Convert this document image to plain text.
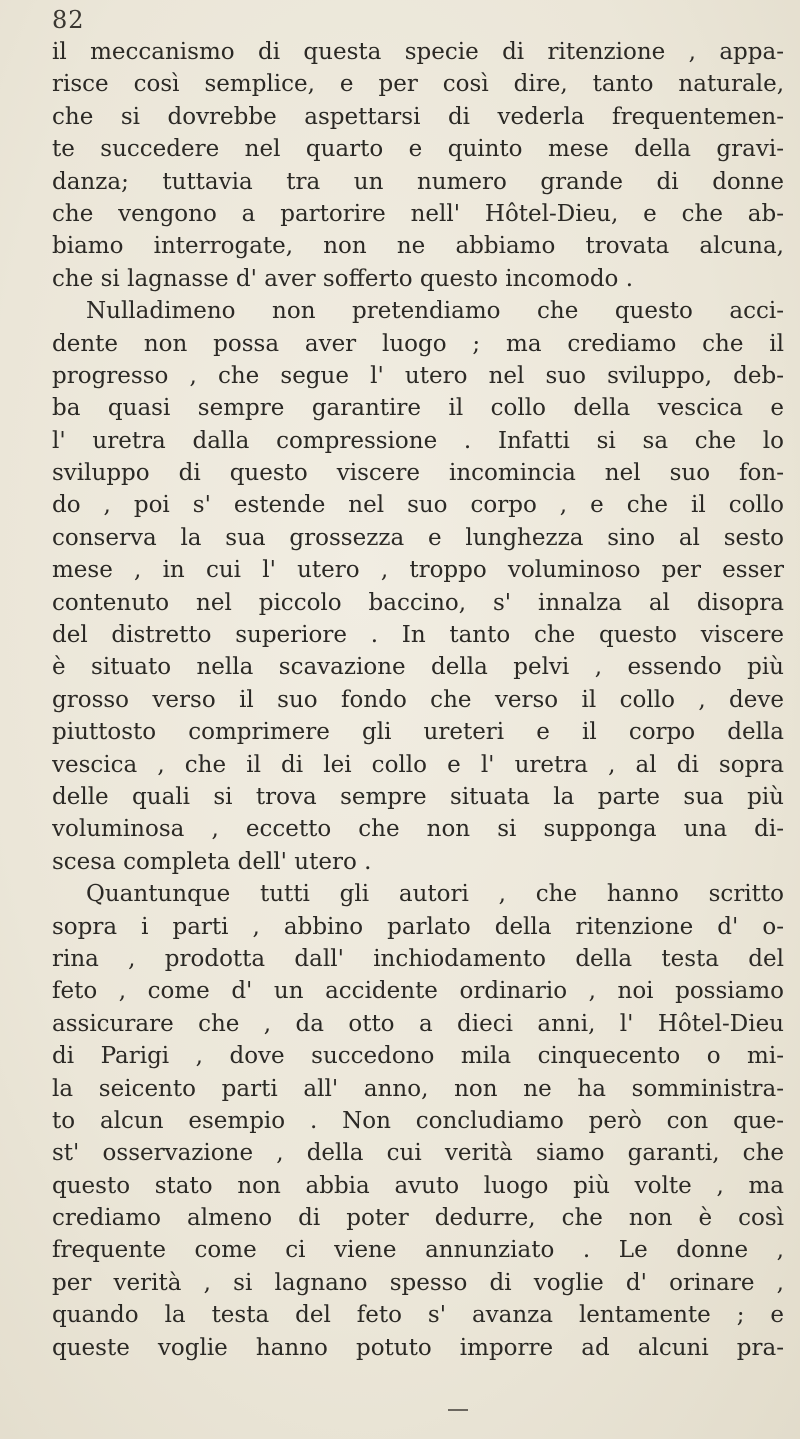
82
il meccanismo di questa specie di ritenzione , appa-
risce così semplice, e per così dire, tanto naturale,
che si dovrebbe aspettarsi di vederla frequentemen-
te succedere nel quarto e quinto mese della gravi-
danza; tuttavia tra un numero grande di donne
che vengono a partorire nell' Hôtel-Dieu, e che ab-
biamo interrogate, non ne abbiamo trovata alcuna,
che si lagnasse d' aver sofferto questo incomodo .
Nulladimeno non pretendiamo che questo acci-
dente non possa aver luogo ; ma crediamo che il
progresso , che segue l' utero nel suo sviluppo, deb-
ba quasi sempre garantire il collo della vescica e
l' uretra dalla compressione . Infatti si sa che lo
sviluppo di questo viscere incomincia nel suo fon-
do , poi s' estende nel suo corpo , e che il collo
conserva la sua grossezza e lunghezza sino al sesto
mese , in cui l' utero , troppo voluminoso per esser
contenuto nel piccolo baccino, s' innalza al disopra
del distretto superiore . In tanto che questo viscere
è situato nella scavazione della pelvi , essendo più
grosso verso il suo fondo che verso il collo , deve
piuttosto comprimere gli ureteri e il corpo della
vescica , che il di lei collo e l' uretra , al di sopra
delle quali si trova sempre situata la parte sua più
voluminosa , eccetto che non si supponga una di-
scesa completa dell' utero .
Quantunque tutti gli autori , che hanno scritto
sopra i parti , abbino parlato della ritenzione d' o-
rina , prodotta dall' inchiodamento della testa del
feto , come d' un accidente ordinario , noi possiamo
assicurare che , da otto a dieci anni, l' Hôtel-Dieu
di Parigi , dove succedono mila cinquecento o mi-
la seicento parti all' anno, non ne ha somministra-
to alcun esempio . Non concludiamo però con que-
st' osservazione , della cui verità siamo garanti, che
questo stato non abbia avuto luogo più volte , ma
crediamo almeno di poter dedurre, che non è così
frequente come ci viene annunziato . Le donne ,
per verità , si lagnano spesso di voglie d' orinare ,
quando la testa del feto s' avanza lentamente ; e
queste voglie hanno potuto imporre ad alcuni pra-
